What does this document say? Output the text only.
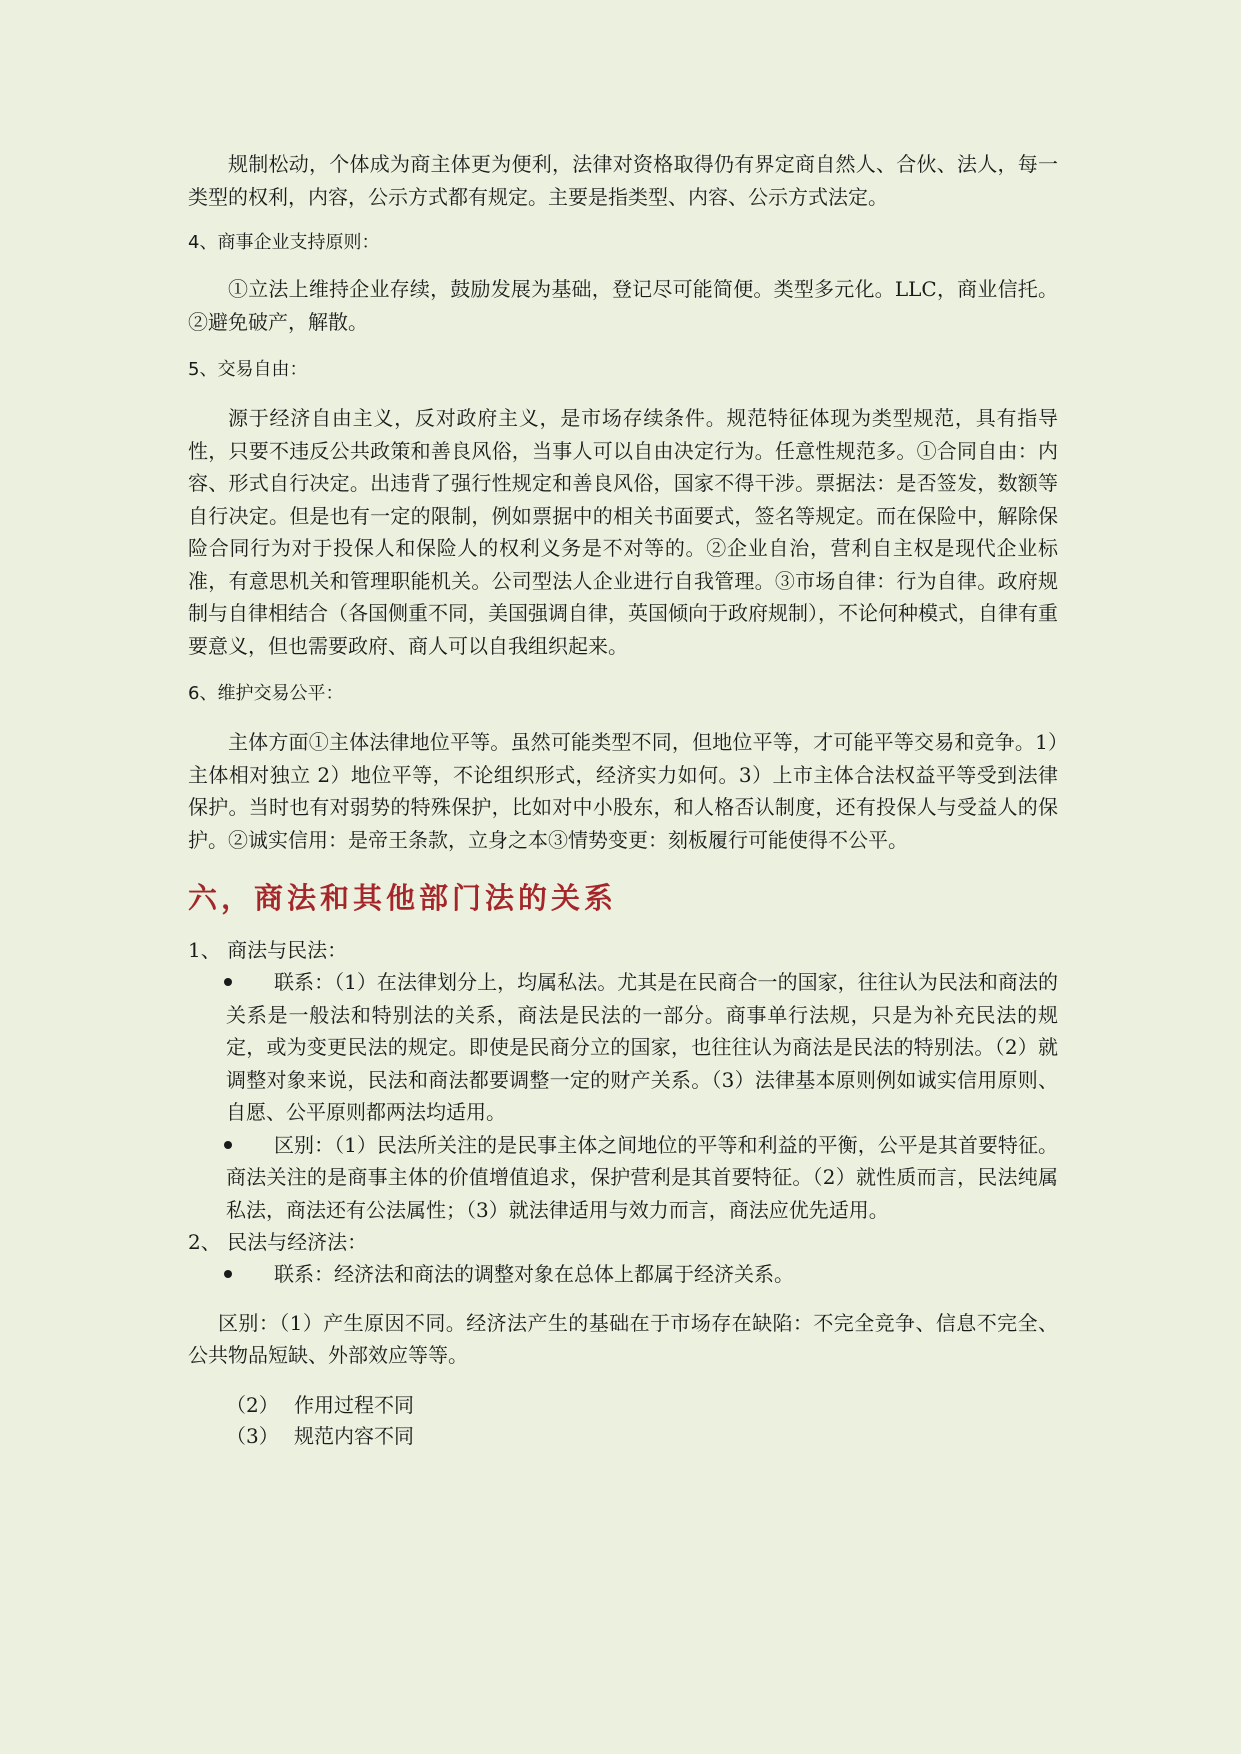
规制松动，个体成为商主体更为便利，法律对资格取得仍有界定商自然人、合伙、法人，每一类型的权利，内容，公示方式都有规定。主要是指类型、内容、公示方式法定。

4、商事企业支持原则：

①立法上维持企业存续，鼓励发展为基础，登记尽可能简便。类型多元化。LLC，商业信托。②避免破产，解散。

5、交易自由：

源于经济自由主义，反对政府主义，是市场存续条件。规范特征体现为类型规范，具有指导性，只要不违反公共政策和善良风俗，当事人可以自由决定行为。任意性规范多。①合同自由：内容、形式自行决定。出违背了强行性规定和善良风俗，国家不得干涉。票据法：是否签发，数额等自行决定。但是也有一定的限制，例如票据中的相关书面要式，签名等规定。而在保险中，解除保险合同行为对于投保人和保险人的权利义务是不对等的。②企业自治，营利自主权是现代企业标准，有意思机关和管理职能机关。公司型法人企业进行自我管理。③市场自律：行为自律。政府规制与自律相结合（各国侧重不同，美国强调自律，英国倾向于政府规制），不论何种模式，自律有重要意义，但也需要政府、商人可以自我组织起来。

6、维护交易公平：

主体方面①主体法律地位平等。虽然可能类型不同，但地位平等，才可能平等交易和竞争。1）主体相对独立 2）地位平等，不论组织形式，经济实力如何。3）上市主体合法权益平等受到法律保护。当时也有对弱势的特殊保护，比如对中小股东，和人格否认制度，还有投保人与受益人的保护。②诚实信用：是帝王条款，立身之本③情势变更：刻板履行可能使得不公平。

六，商法和其他部门法的关系

1、 商法与民法：

联系：（1）在法律划分上，均属私法。尤其是在民商合一的国家，往往认为民法和商法的关系是一般法和特别法的关系，商法是民法的一部分。商事单行法规，只是为补充民法的规定，或为变更民法的规定。即使是民商分立的国家，也往往认为商法是民法的特别法。（2）就调整对象来说，民法和商法都要调整一定的财产关系。（3）法律基本原则例如诚实信用原则、自愿、公平原则都两法均适用。
区别：（1）民法所关注的是民事主体之间地位的平等和利益的平衡，公平是其首要特征。商法关注的是商事主体的价值增值追求，保护营利是其首要特征。（2）就性质而言，民法纯属私法，商法还有公法属性；（3）就法律适用与效力而言，商法应优先适用。

2、 民法与经济法：

联系：经济法和商法的调整对象在总体上都属于经济关系。

区别：（1）产生原因不同。经济法产生的基础在于市场存在缺陷：不完全竞争、信息不完全、公共物品短缺、外部效应等等。

（2） 作用过程不同
（3） 规范内容不同
